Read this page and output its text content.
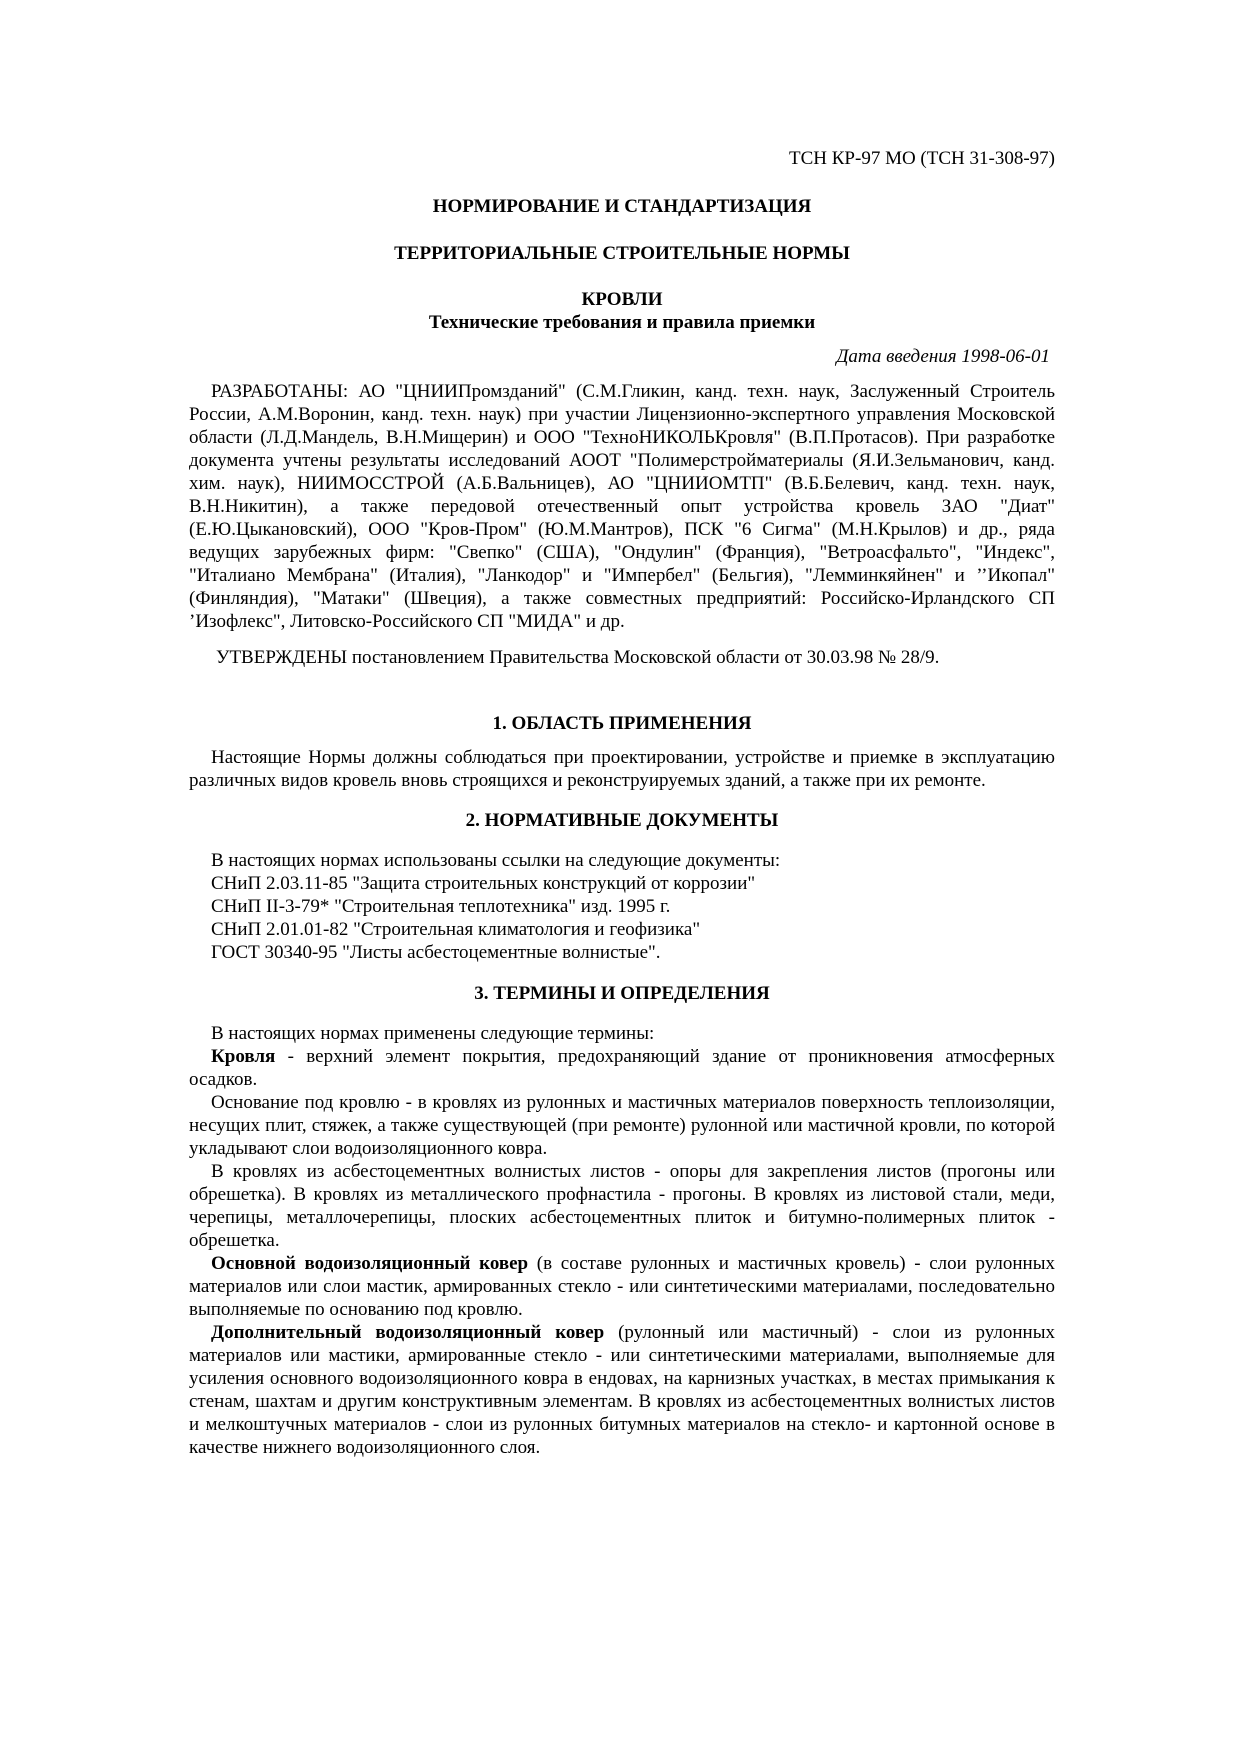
ТСН КР-97 МО (ТСН 31-308-97)

НОРМИРОВАНИЕ И СТАНДАРТИЗАЦИЯ

ТЕРРИТОРИАЛЬНЫЕ СТРОИТЕЛЬНЫЕ НОРМЫ

КРОВЛИ

Технические требования и правила приемки

Дата введения 1998-06-01

РАЗРАБОТАНЫ: АО "ЦНИИПромзданий" (С.М.Гликин, канд. техн. наук, Заслуженный Строитель России, А.М.Воронин, канд. техн. наук) при участии Лицензионно-экспертного управления Московской области (Л.Д.Мандель, В.Н.Мищерин) и ООО "ТехноНИКОЛЬКровля" (В.П.Протасов). При разработке документа учтены результаты исследований АООТ "Полимерстройматериалы (Я.И.Зельманович, канд. хим. наук), НИИМОССТРОЙ (А.Б.Вальницев), АО "ЦНИИОМТП" (В.Б.Белевич, канд. техн. наук, В.Н.Никитин), а также передовой отечественный опыт устройства кровель ЗАО "Диат" (Е.Ю.Цыкановский), ООО "Кров-Пром" (Ю.М.Мантров), ПСК "6 Сигма" (М.Н.Крылов) и др., ряда ведущих зарубежных фирм: "Свепко" (США), "Ондулин" (Франция), "Ветроасфальто", "Индекс", "Италиано Мембрана" (Италия), "Ланкодор" и "Импербел" (Бельгия), "Лемминкяйнен" и ’’Икопал" (Финляндия), "Матаки" (Швеция), а также совместных предприятий: Российско-Ирландского СП ’Изофлекс", Литовско-Российского СП "МИДА" и др.

УТВЕРЖДЕНЫ постановлением Правительства Московской области от 30.03.98 № 28/9.

1. ОБЛАСТЬ ПРИМЕНЕНИЯ

Настоящие Нормы должны соблюдаться при проектировании, устройстве и приемке в эксплуатацию различных видов кровель вновь строящихся и реконструируемых зданий, а также при их ремонте.

2. НОРМАТИВНЫЕ ДОКУМЕНТЫ

В настоящих нормах использованы ссылки на следующие документы:
СНиП 2.03.11-85 "Защита строительных конструкций от коррозии"
СНиП II-3-79* "Строительная теплотехника" изд. 1995 г.
СНиП 2.01.01-82 "Строительная климатология и геофизика"
ГОСТ 30340-95 "Листы асбестоцементные волнистые".

3. ТЕРМИНЫ И ОПРЕДЕЛЕНИЯ

В настоящих нормах применены следующие термины:

Кровля - верхний элемент покрытия, предохраняющий здание от проникновения атмосферных осадков.

Основание под кровлю - в кровлях из рулонных и мастичных материалов поверхность теплоизоляции, несущих плит, стяжек, а также существующей (при ремонте) рулонной или мастичной кровли, по которой укладывают слои водоизоляционного ковра.

В кровлях из асбестоцементных волнистых листов - опоры для закрепления листов (прогоны или обрешетка). В кровлях из металлического профнастила - прогоны. В кровлях из листовой стали, меди, черепицы, металлочерепицы, плоских асбестоцементных плиток и битумно-полимерных плиток - обрешетка.

Основной водоизоляционный ковер (в составе рулонных и мастичных кровель) - слои рулонных материалов или слои мастик, армированных стекло - или синтетическими материалами, последовательно выполняемые по основанию под кровлю.

Дополнительный водоизоляционный ковер (рулонный или мастичный) - слои из рулонных материалов или мастики, армированные стекло - или синтетическими материалами, выполняемые для усиления основного водоизоляционного ковра в ендовах, на карнизных участках, в местах примыкания к стенам, шахтам и другим конструктивным элементам. В кровлях из асбестоцементных волнистых листов и мелкоштучных материалов - слои из рулонных битумных материалов на стекло- и картонной основе в качестве нижнего водоизоляционного слоя.
